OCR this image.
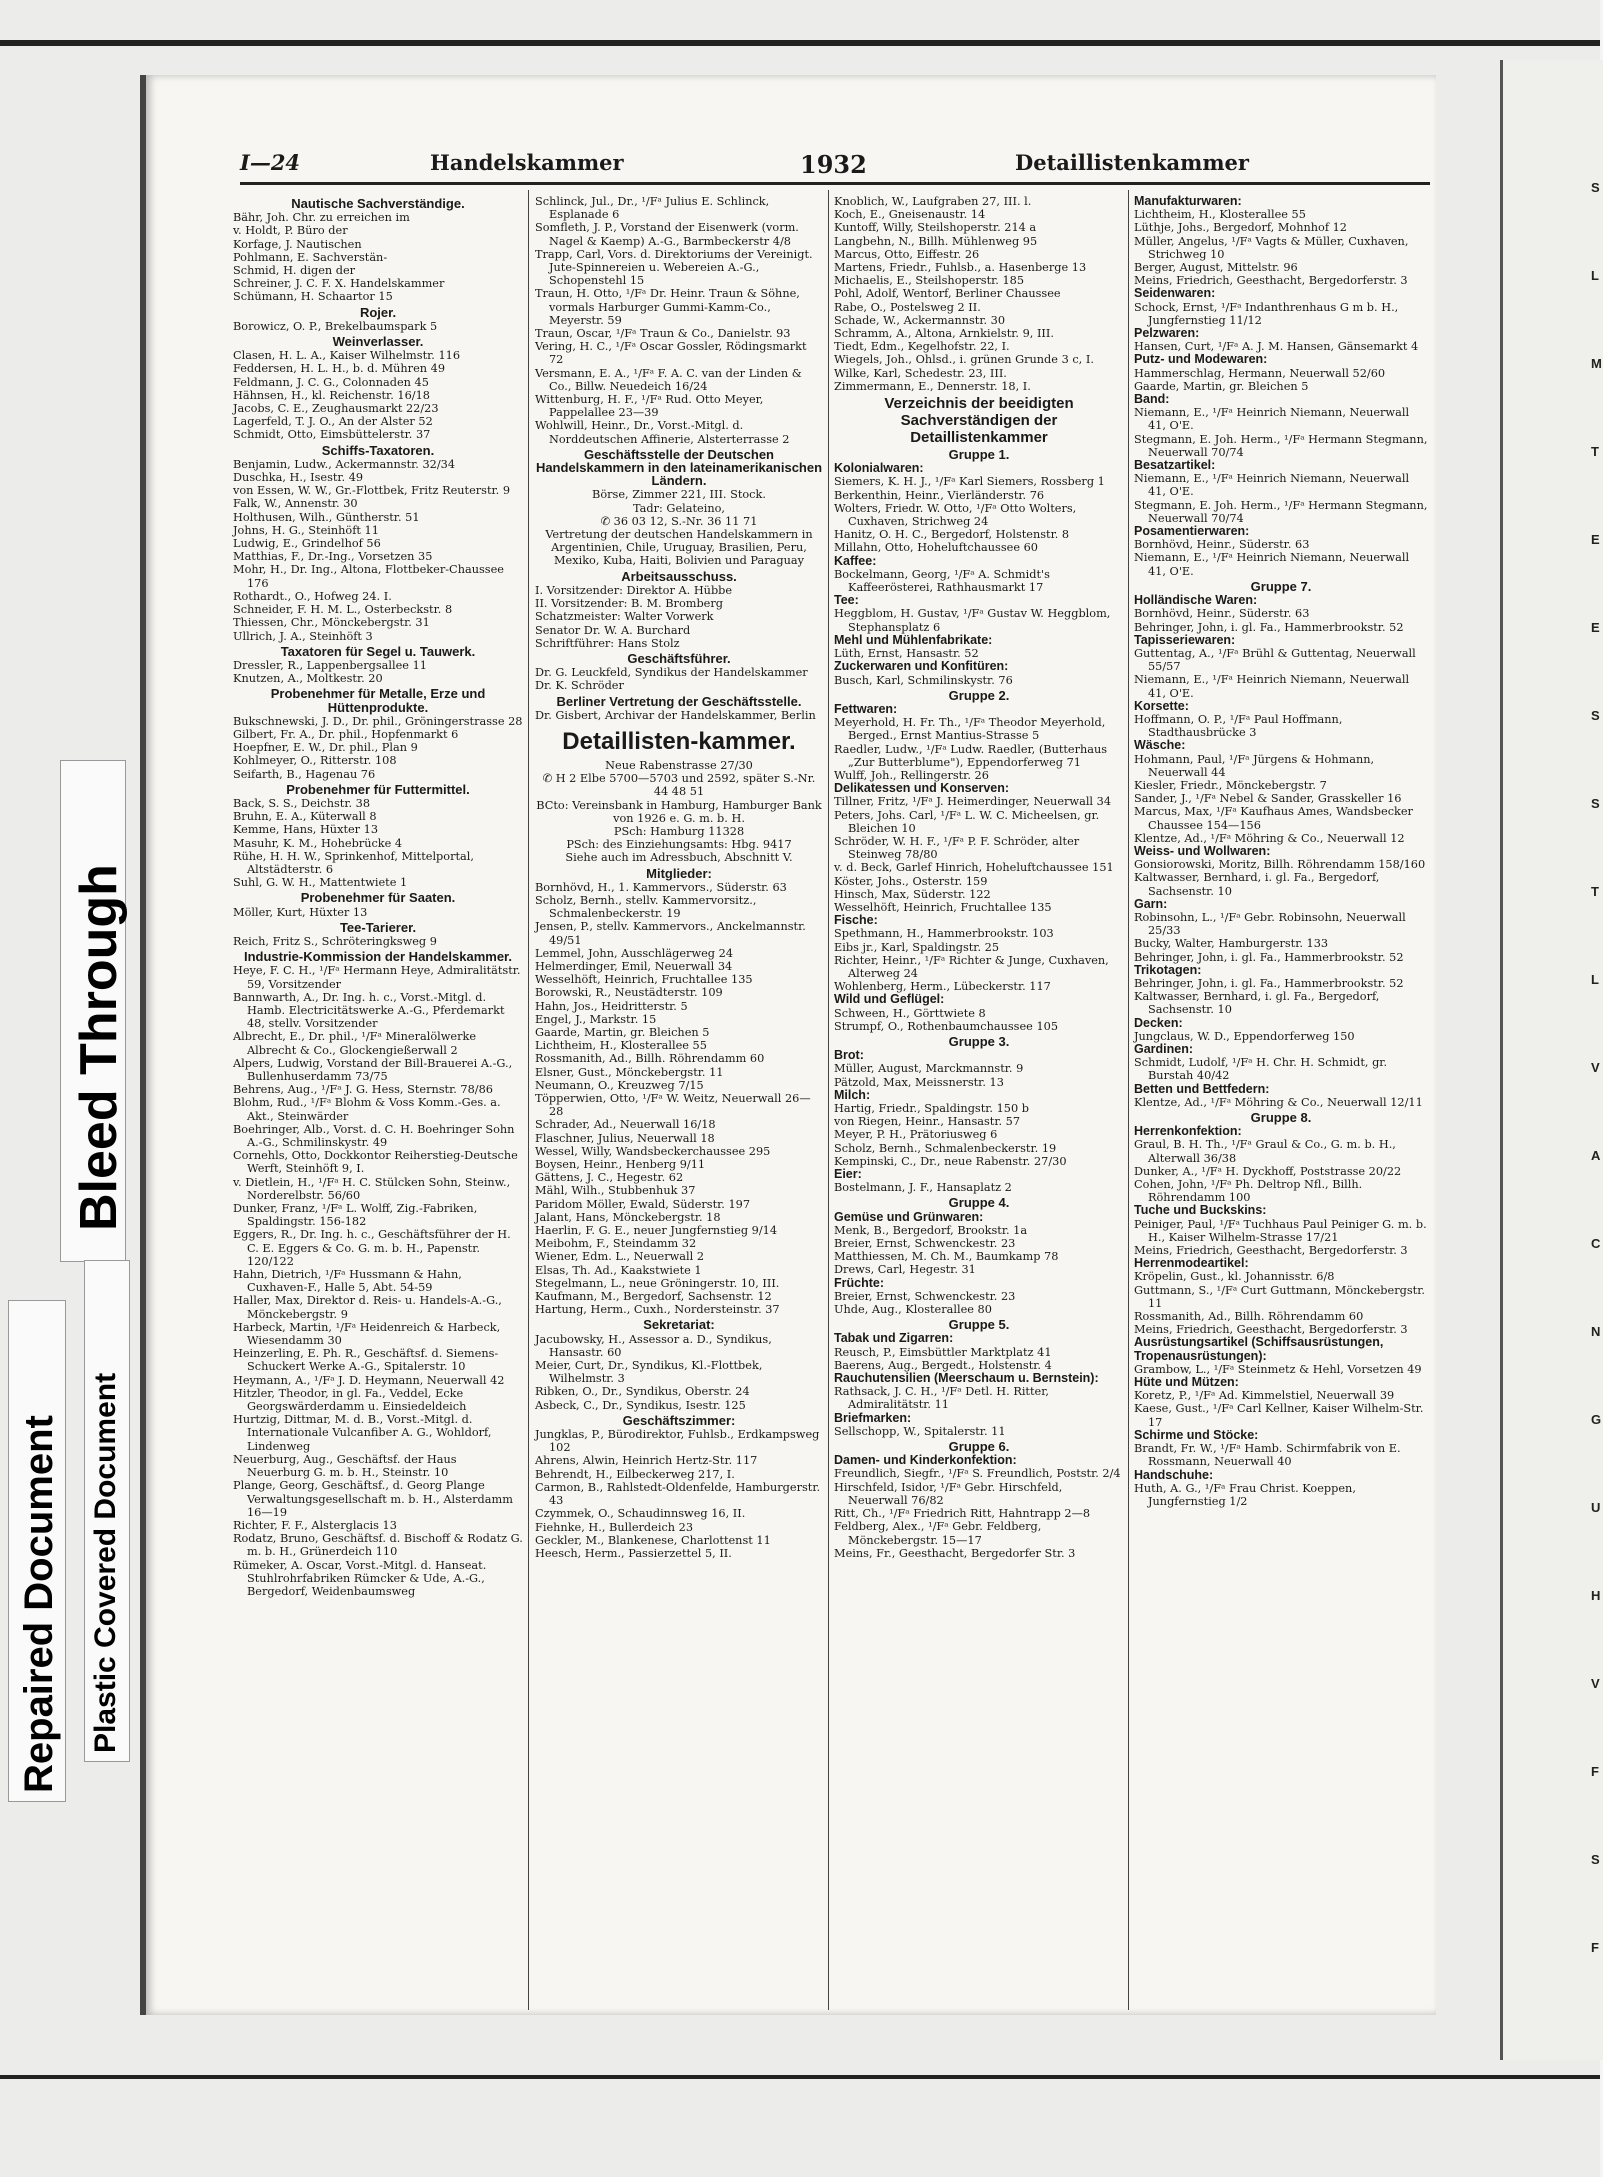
S
L
M
T
E
E
S
S
T
L
V
A
C
N
G
U
H
V
F
S
F
Bleed Through
Repaired Document Plastic Covered Document
I—24	Handelskammer	1932	Detaillistenkammer

Nautische Sachverständige.

Bähr, Joh. Chr. zu erreichen im

v. Holdt, P. Büro der

Korfage, J. Nautischen

Pohlmann, E. Sachverstän-

Schmid, H. digen der

Schreiner, J. C. F. X. Handelskammer

Schümann, H. Schaartor 15

Rojer.

Borowicz, O. P., Brekelbaumspark 5

Weinverlasser.

Clasen, H. L. A., Kaiser Wilhelmstr. 116

Feddersen, H. L. H., b. d. Mühren 49

Feldmann, J. C. G., Colonnaden 45

Hähnsen, H., kl. Reichenstr. 16/18

Jacobs, C. E., Zeughausmarkt 22/23

Lagerfeld, T. J. O., An der Alster 52

Schmidt, Otto, Eimsbüttelerstr. 37

Schiffs-Taxatoren.

Benjamin, Ludw., Ackermannstr. 32/34

Duschka, H., Isestr. 49

von Essen, W. W., Gr.-Flottbek, Fritz Reuterstr. 9

Falk, W., Annenstr. 30

Holthusen, Wilh., Güntherstr. 51

Johns, H. G., Steinhöft 11

Ludwig, E., Grindelhof 56

Matthias, F., Dr.-Ing., Vorsetzen 35

Mohr, H., Dr. Ing., Altona, Flottbeker-Chaussee 176

Rothardt., O., Hofweg 24. I.

Schneider, F. H. M. L., Osterbeckstr. 8

Thiessen, Chr., Mönckebergstr. 31

Ullrich, J. A., Steinhöft 3

Taxatoren für Segel u. Tauwerk.

Dressler, R., Lappenbergsallee 11

Knutzen, A., Moltkestr. 20

Probenehmer für Metalle, Erze und Hüttenprodukte.

Bukschnewski, J. D., Dr. phil., Gröningerstrasse 28

Gilbert, Fr. A., Dr. phil., Hopfenmarkt 6

Hoepfner, E. W., Dr. phil., Plan 9

Kohlmeyer, O., Ritterstr. 108

Seifarth, B., Hagenau 76

Probenehmer für Futtermittel.

Back, S. S., Deichstr. 38

Bruhn, E. A., Küterwall 8

Kemme, Hans, Hüxter 13

Masuhr, K. M., Hohebrücke 4

Rühe, H. H. W., Sprinkenhof, Mittelportal, Altstädterstr. 6

Suhl, G. W. H., Mattentwiete 1

Probenehmer für Saaten.

Möller, Kurt, Hüxter 13

Tee-Tarierer.

Reich, Fritz S., Schröteringksweg 9

Industrie-Kommission der Handelskammer.

Heye, F. C. H., ¹/Fᵃ Hermann Heye, Admiralitätstr. 59, Vorsitzender

Bannwarth, A., Dr. Ing. h. c., Vorst.-Mitgl. d. Hamb. Electricitätswerke A.-G., Pferdemarkt 48, stellv. Vorsitzender

Albrecht, E., Dr. phil., ¹/Fᵃ Mineralölwerke Albrecht & Co., Glockengießerwall 2

Alpers, Ludwig, Vorstand der Bill-Brauerei A.-G., Bullenhuserdamm 73/75

Behrens, Aug., ¹/Fᵃ J. G. Hess, Sternstr. 78/86

Blohm, Rud., ¹/Fᵃ Blohm & Voss Komm.-Ges. a. Akt., Steinwärder

Boehringer, Alb., Vorst. d. C. H. Boehringer Sohn A.-G., Schmilinskystr. 49

Cornehls, Otto, Dockkontor Reiherstieg-Deutsche Werft, Steinhöft 9, I.

v. Dietlein, H., ¹/Fᵃ H. C. Stülcken Sohn, Steinw., Norderelbstr. 56/60

Dunker, Franz, ¹/Fᵃ L. Wolff, Zig.-Fabriken, Spaldingstr. 156-182

Eggers, R., Dr. Ing. h. c., Geschäftsführer der H. C. E. Eggers & Co. G. m. b. H., Papenstr. 120/122

Hahn, Dietrich, ¹/Fᵃ Hussmann & Hahn, Cuxhaven-F., Halle 5, Abt. 54-59

Haller, Max, Direktor d. Reis- u. Handels-A.-G., Mönckebergstr. 9

Harbeck, Martin, ¹/Fᵃ Heidenreich & Harbeck, Wiesendamm 30

Heinzerling, E. Ph. R., Geschäftsf. d. Siemens-Schuckert Werke A.-G., Spitalerstr. 10

Heymann, A., ¹/Fᵃ J. D. Heymann, Neuerwall 42

Hitzler, Theodor, in gl. Fa., Veddel, Ecke Georgswärderdamm u. Einsiedeldeich

Hurtzig, Dittmar, M. d. B., Vorst.-Mitgl. d. Internationale Vulcanfiber A. G., Wohldorf, Lindenweg

Neuerburg, Aug., Geschäftsf. der Haus Neuerburg G. m. b. H., Steinstr. 10

Plange, Georg, Geschäftsf., d. Georg Plange Verwaltungsgesellschaft m. b. H., Alsterdamm 16—19

Richter, F. F., Alsterglacis 13

Rodatz, Bruno, Geschäftsf. d. Bischoff & Rodatz G. m. b. H., Grünerdeich 110

Rümeker, A. Oscar, Vorst.-Mitgl. d. Hanseat. Stuhlrohrfabriken Rümcker & Ude, A.-G., Bergedorf, Weidenbaumsweg

Schlinck, Jul., Dr., ¹/Fᵃ Julius E. Schlinck, Esplanade 6

Somfleth, J. P., Vorstand der Eisenwerk (vorm. Nagel & Kaemp) A.-G., Barmbeckerstr 4/8

Trapp, Carl, Vors. d. Direktoriums der Vereinigt. Jute-Spinnereien u. Webereien A.-G., Schopenstehl 15

Traun, H. Otto, ¹/Fᵃ Dr. Heinr. Traun & Söhne, vormals Harburger Gummi-Kamm-Co., Meyerstr. 59

Traun, Oscar, ¹/Fᵃ Traun & Co., Danielstr. 93

Vering, H. C., ¹/Fᵃ Oscar Gossler, Rödingsmarkt 72

Versmann, E. A., ¹/Fᵃ F. A. C. van der Linden & Co., Billw. Neuedeich 16/24

Wittenburg, H. F., ¹/Fᵃ Rud. Otto Meyer, Pappelallee 23—39

Wohlwill, Heinr., Dr., Vorst.-Mitgl. d. Norddeutschen Affinerie, Alsterterrasse 2

Geschäftsstelle der Deutschen Handelskammern in den lateinamerikanischen Ländern.

Börse, Zimmer 221, III. Stock.

Tadr: Gelateino,

✆ 36 03 12, S.-Nr. 36 11 71

Vertretung der deutschen Handelskammern in Argentinien, Chile, Uruguay, Brasilien, Peru, Mexiko, Kuba, Haiti, Bolivien und Paraguay

Arbeitsausschuss.

I. Vorsitzender: Direktor A. Hübbe

II. Vorsitzender: B. M. Bromberg

Schatzmeister: Walter Vorwerk

Senator Dr. W. A. Burchard

Schriftführer: Hans Stolz

Geschäftsführer.

Dr. G. Leuckfeld, Syndikus der Handelskammer

Dr. K. Schröder

Berliner Vertretung der Geschäftsstelle.

Dr. Gisbert, Archivar der Handelskammer, Berlin

Detaillisten-kammer.

Neue Rabenstrasse 27/30

✆ H 2 Elbe 5700—5703 und 2592, später S.-Nr. 44 48 51

BCto: Vereinsbank in Hamburg, Hamburger Bank von 1926 e. G. m. b. H.

PSch: Hamburg 11328

PSch: des Einziehungsamts: Hbg. 9417

Siehe auch im Adressbuch, Abschnitt V.

Mitglieder:

Bornhövd, H., 1. Kammervors., Süderstr. 63

Scholz, Bernh., stellv. Kammervorsitz., Schmalenbeckerstr. 19

Jensen, P., stellv. Kammervors., Anckelmannstr. 49/51

Lemmel, John, Ausschlägerweg 24

Helmerdinger, Emil, Neuerwall 34

Wesselhöft, Heinrich, Fruchtallee 135

Borowski, R., Neustädterstr. 109

Hahn, Jos., Heidritterstr. 5

Engel, J., Markstr. 15

Gaarde, Martin, gr. Bleichen 5

Lichtheim, H., Klosterallee 55

Rossmanith, Ad., Billh. Röhrendamm 60

Elsner, Gust., Mönckebergstr. 11

Neumann, O., Kreuzweg 7/15

Töpperwien, Otto, ¹/Fᵃ W. Weitz, Neuerwall 26—28

Schrader, Ad., Neuerwall 16/18

Flaschner, Julius, Neuerwall 18

Wessel, Willy, Wandsbeckerchaussee 295

Boysen, Heinr., Henberg 9/11

Gättens, J. C., Hegestr. 62

Mähl, Wilh., Stubbenhuk 37

Paridom Möller, Ewald, Süderstr. 197

Jalant, Hans, Mönckebergstr. 18

Haerlin, F. G. E., neuer Jungfernstieg 9/14

Meibohm, F., Steindamm 32

Wiener, Edm. L., Neuerwall 2

Elsas, Th. Ad., Kaakstwiete 1

Stegelmann, L., neue Gröningerstr. 10, III.

Kaufmann, M., Bergedorf, Sachsenstr. 12

Hartung, Herm., Cuxh., Nordersteinstr. 37

Sekretariat:

Jacubowsky, H., Assessor a. D., Syndikus, Hansastr. 60

Meier, Curt, Dr., Syndikus, Kl.-Flottbek, Wilhelmstr. 3

Ribken, O., Dr., Syndikus, Oberstr. 24

Asbeck, C., Dr., Syndikus, Isestr. 125

Geschäftszimmer:

Jungklas, P., Bürodirektor, Fuhlsb., Erdkampsweg 102

Ahrens, Alwin, Heinrich Hertz-Str. 117

Behrendt, H., Eilbeckerweg 217, I.

Carmon, B., Rahlstedt-Oldenfelde, Hamburgerstr. 43

Czymmek, O., Schaudinnsweg 16, II.

Fiehnke, H., Bullerdeich 23

Geckler, M., Blankenese, Charlottenst 11

Heesch, Herm., Passierzettel 5, II.

Knoblich, W., Laufgraben 27, III. l.

Koch, E., Gneisenaustr. 14

Kuntoff, Willy, Steilshoperstr. 214 a

Langbehn, N., Billh. Mühlenweg 95

Marcus, Otto, Eiffestr. 26

Martens, Friedr., Fuhlsb., a. Hasenberge 13

Michaelis, E., Steilshoperstr. 185

Pohl, Adolf, Wentorf, Berliner Chaussee

Rabe, O., Postelsweg 2 II.

Schade, W., Ackermannstr. 30

Schramm, A., Altona, Arnkielstr. 9, III.

Tiedt, Edm., Kegelhofstr. 22, I.

Wiegels, Joh., Ohlsd., i. grünen Grunde 3 c, I.

Wilke, Karl, Schedestr. 23, III.

Zimmermann, E., Dennerstr. 18, I.

Verzeichnis der beeidigten Sachverständigen der Detaillistenkammer

Gruppe 1.

Kolonialwaren:

Siemers, K. H. J., ¹/Fᵃ Karl Siemers, Rossberg 1

Berkenthin, Heinr., Vierländerstr. 76

Wolters, Friedr. W. Otto, ¹/Fᵃ Otto Wolters, Cuxhaven, Strichweg 24

Hanitz, O. H. C., Bergedorf, Holstenstr. 8

Millahn, Otto, Hoheluftchaussee 60

Kaffee:

Bockelmann, Georg, ¹/Fᵃ A. Schmidt's Kaffeerösterei, Rathhausmarkt 17

Tee:

Heggblom, H. Gustav, ¹/Fᵃ Gustav W. Heggblom, Stephansplatz 6

Mehl und Mühlenfabrikate:

Lüth, Ernst, Hansastr. 52

Zuckerwaren und Konfitüren:

Busch, Karl, Schmilinskystr. 76

Gruppe 2.

Fettwaren:

Meyerhold, H. Fr. Th., ¹/Fᵃ Theodor Meyerhold, Berged., Ernst Mantius-Strasse 5

Raedler, Ludw., ¹/Fᵃ Ludw. Raedler, (Butterhaus „Zur Butterblume"), Eppendorferweg 71

Wulff, Joh., Rellingerstr. 26

Delikatessen und Konserven:

Tillner, Fritz, ¹/Fᵃ J. Heimerdinger, Neuerwall 34

Peters, Johs. Carl, ¹/Fᵃ L. W. C. Micheelsen, gr. Bleichen 10

Schröder, W. H. F., ¹/Fᵃ P. F. Schröder, alter Steinweg 78/80

v. d. Beck, Garlef Hinrich, Hoheluftchaussee 151

Köster, Johs., Osterstr. 159

Hinsch, Max, Süderstr. 122

Wesselhöft, Heinrich, Fruchtallee 135

Fische:

Spethmann, H., Hammerbrookstr. 103

Eibs jr., Karl, Spaldingstr. 25

Richter, Heinr., ¹/Fᵃ Richter & Junge, Cuxhaven, Alterweg 24

Wohlenberg, Herm., Lübeckerstr. 117

Wild und Geflügel:

Schween, H., Görttwiete 8

Strumpf, O., Rothenbaumchaussee 105

Gruppe 3.

Brot:

Müller, August, Marckmannstr. 9

Pätzold, Max, Meissnerstr. 13

Milch:

Hartig, Friedr., Spaldingstr. 150 b

von Riegen, Heinr., Hansastr. 57

Meyer, P. H., Prätoriusweg 6

Scholz, Bernh., Schmalenbeckerstr. 19

Kempinski, C., Dr., neue Rabenstr. 27/30

Eier:

Bostelmann, J. F., Hansaplatz 2

Gruppe 4.

Gemüse und Grünwaren:

Menk, B., Bergedorf, Brookstr. 1a

Breier, Ernst, Schwenckestr. 23

Matthiessen, M. Ch. M., Baumkamp 78

Drews, Carl, Hegestr. 31

Früchte:

Breier, Ernst, Schwenckestr. 23

Uhde, Aug., Klosterallee 80

Gruppe 5.

Tabak und Zigarren:

Reusch, P., Eimsbüttler Marktplatz 41

Baerens, Aug., Bergedt., Holstenstr. 4

Rauchutensilien (Meerschaum u. Bernstein):

Rathsack, J. C. H., ¹/Fᵃ Detl. H. Ritter, Admiralitätstr. 11

Briefmarken:

Sellschopp, W., Spitalerstr. 11

Gruppe 6.

Damen- und Kinderkonfektion:

Freundlich, Siegfr., ¹/Fᵃ S. Freundlich, Poststr. 2/4

Hirschfeld, Isidor, ¹/Fᵃ Gebr. Hirschfeld, Neuerwall 76/82

Ritt, Ch., ¹/Fᵃ Friedrich Ritt, Hahntrapp 2—8

Feldberg, Alex., ¹/Fᵃ Gebr. Feldberg, Mönckebergstr. 15—17

Meins, Fr., Geesthacht, Bergedorfer Str. 3

Manufakturwaren:

Lichtheim, H., Klosterallee 55

Lüthje, Johs., Bergedorf, Mohnhof 12

Müller, Angelus, ¹/Fᵃ Vagts & Müller, Cuxhaven, Strichweg 10

Berger, August, Mittelstr. 96

Meins, Friedrich, Geesthacht, Bergedorferstr. 3

Seidenwaren:

Schock, Ernst, ¹/Fᵃ Indanthrenhaus G m b. H., Jungfernstieg 11/12

Pelzwaren:

Hansen, Curt, ¹/Fᵃ A. J. M. Hansen, Gänsemarkt 4

Putz- und Modewaren:

Hammerschlag, Hermann, Neuerwall 52/60

Gaarde, Martin, gr. Bleichen 5

Band:

Niemann, E., ¹/Fᵃ Heinrich Niemann, Neuerwall 41, O'E.

Stegmann, E. Joh. Herm., ¹/Fᵃ Hermann Stegmann, Neuerwall 70/74

Besatzartikel:

Niemann, E., ¹/Fᵃ Heinrich Niemann, Neuerwall 41, O'E.

Stegmann, E. Joh. Herm., ¹/Fᵃ Hermann Stegmann, Neuerwall 70/74

Posamentierwaren:

Bornhövd, Heinr., Süderstr. 63

Niemann, E., ¹/Fᵃ Heinrich Niemann, Neuerwall 41, O'E.

Gruppe 7.

Holländische Waren:

Bornhövd, Heinr., Süderstr. 63

Behringer, John, i. gl. Fa., Hammerbrookstr. 52

Tapisseriewaren:

Guttentag, A., ¹/Fᵃ Brühl & Guttentag, Neuerwall 55/57

Niemann, E., ¹/Fᵃ Heinrich Niemann, Neuerwall 41, O'E.

Korsette:

Hoffmann, O. P., ¹/Fᵃ Paul Hoffmann, Stadthausbrücke 3

Wäsche:

Hohmann, Paul, ¹/Fᵃ Jürgens & Hohmann, Neuerwall 44

Kiesler, Friedr., Mönckebergstr. 7

Sander, J., ¹/Fᵃ Nebel & Sander, Grasskeller 16

Marcus, Max, ¹/Fᵃ Kaufhaus Ames, Wandsbecker Chaussee 154—156

Klentze, Ad., ¹/Fᵃ Möhring & Co., Neuerwall 12

Weiss- und Wollwaren:

Gonsiorowski, Moritz, Billh. Röhrendamm 158/160

Kaltwasser, Bernhard, i. gl. Fa., Bergedorf, Sachsenstr. 10

Garn:

Robinsohn, L., ¹/Fᵃ Gebr. Robinsohn, Neuerwall 25/33

Bucky, Walter, Hamburgerstr. 133

Behringer, John, i. gl. Fa., Hammerbrookstr. 52

Trikotagen:

Behringer, John, i. gl. Fa., Hammerbrookstr. 52

Kaltwasser, Bernhard, i. gl. Fa., Bergedorf, Sachsenstr. 10

Decken:

Jungclaus, W. D., Eppendorferweg 150

Gardinen:

Schmidt, Ludolf, ¹/Fᵃ H. Chr. H. Schmidt, gr. Burstah 40/42

Betten und Bettfedern:

Klentze, Ad., ¹/Fᵃ Möhring & Co., Neuerwall 12/11

Gruppe 8.

Herrenkonfektion:

Graul, B. H. Th., ¹/Fᵃ Graul & Co., G. m. b. H., Alterwall 36/38

Dunker, A., ¹/Fᵃ H. Dyckhoff, Poststrasse 20/22

Cohen, John, ¹/Fᵃ Ph. Deltrop Nfl., Billh. Röhrendamm 100

Tuche und Buckskins:

Peiniger, Paul, ¹/Fᵃ Tuchhaus Paul Peiniger G. m. b. H., Kaiser Wilhelm-Strasse 17/21

Meins, Friedrich, Geesthacht, Bergedorferstr. 3

Herrenmodeartikel:

Kröpelin, Gust., kl. Johannisstr. 6/8

Guttmann, S., ¹/Fᵃ Curt Guttmann, Mönckebergstr. 11

Rossmanith, Ad., Billh. Röhrendamm 60

Meins, Friedrich, Geesthacht, Bergedorferstr. 3

Ausrüstungsartikel (Schiffsausrüstungen, Tropenausrüstungen):

Grambow, L., ¹/Fᵃ Steinmetz & Hehl, Vorsetzen 49

Hüte und Mützen:

Koretz, P., ¹/Fᵃ Ad. Kimmelstiel, Neuerwall 39

Kaese, Gust., ¹/Fᵃ Carl Kellner, Kaiser Wilhelm-Str. 17

Schirme und Stöcke:

Brandt, Fr. W., ¹/Fᵃ Hamb. Schirmfabrik von E. Rossmann, Neuerwall 40

Handschuhe:

Huth, A. G., ¹/Fᵃ Frau Christ. Koeppen, Jungfernstieg 1/2
